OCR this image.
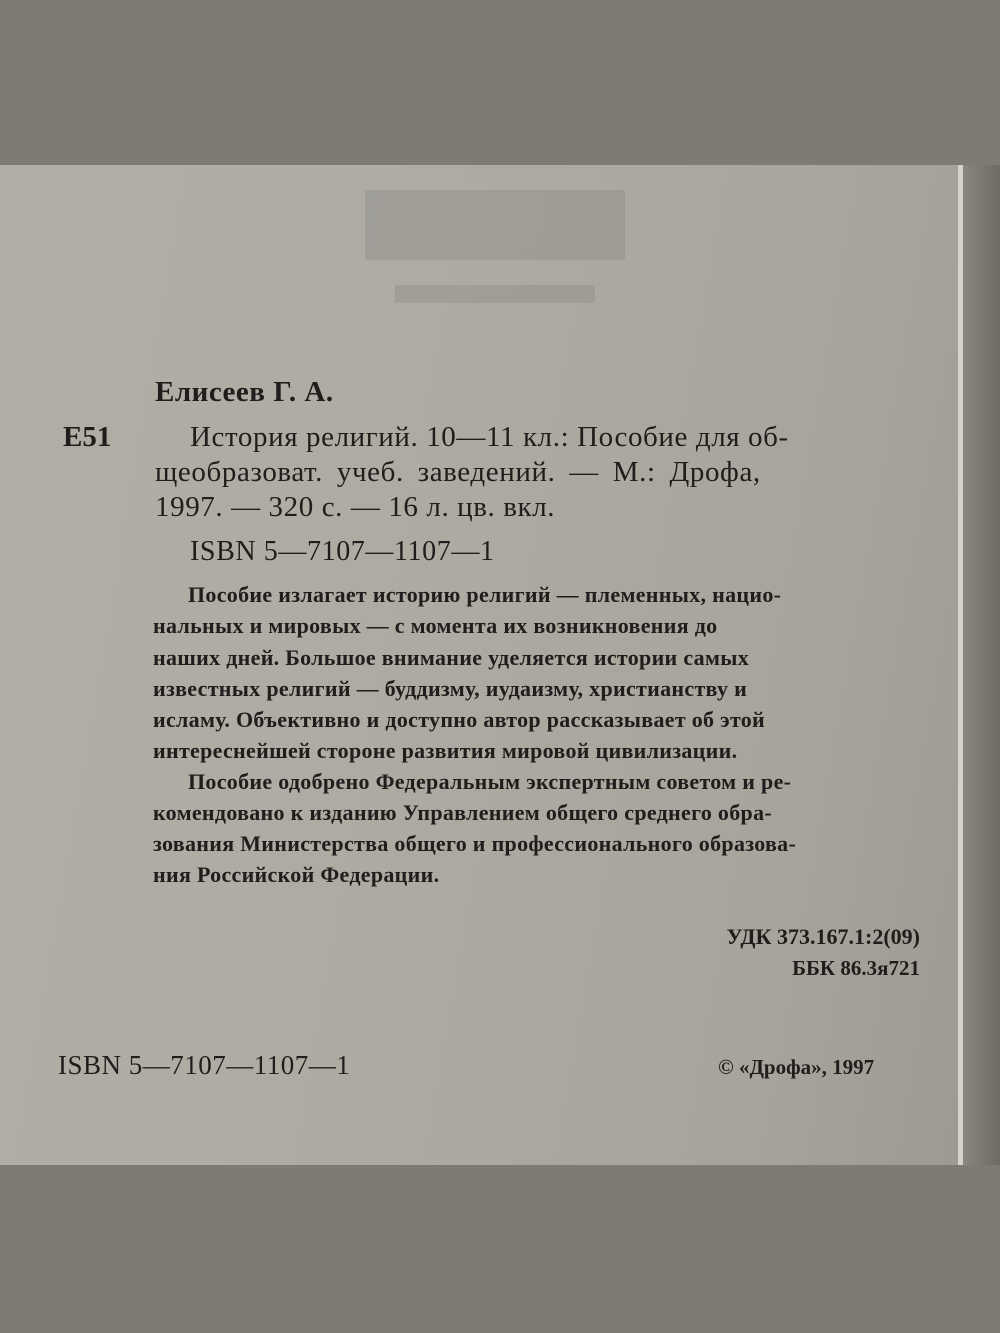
Елисеев Г. А.
Е51	История религий. 10—11 кл.: Пособие для об-
щеобразоват. учеб. заведений. — М.: Дрофа,
1997. — 320 с. — 16 л. цв. вкл.
ISBN 5—7107—1107—1
Пособие излагает историю религий — племенных, нацио-
нальных и мировых — с момента их возникновения до
наших дней. Большое внимание уделяется истории самых
известных религий — буддизму, иудаизму, христианству и
исламу. Объективно и доступно автор рассказывает об этой
интереснейшей стороне развития мировой цивилизации.
Пособие одобрено Федеральным экспертным советом и ре-
комендовано к изданию Управлением общего среднего обра-
зования Министерства общего и профессионального образова-
ния Российской Федерации.
УДК 373.167.1:2(09)
ББК 86.3я721
ISBN 5—7107—1107—1	© «Дрофа», 1997
